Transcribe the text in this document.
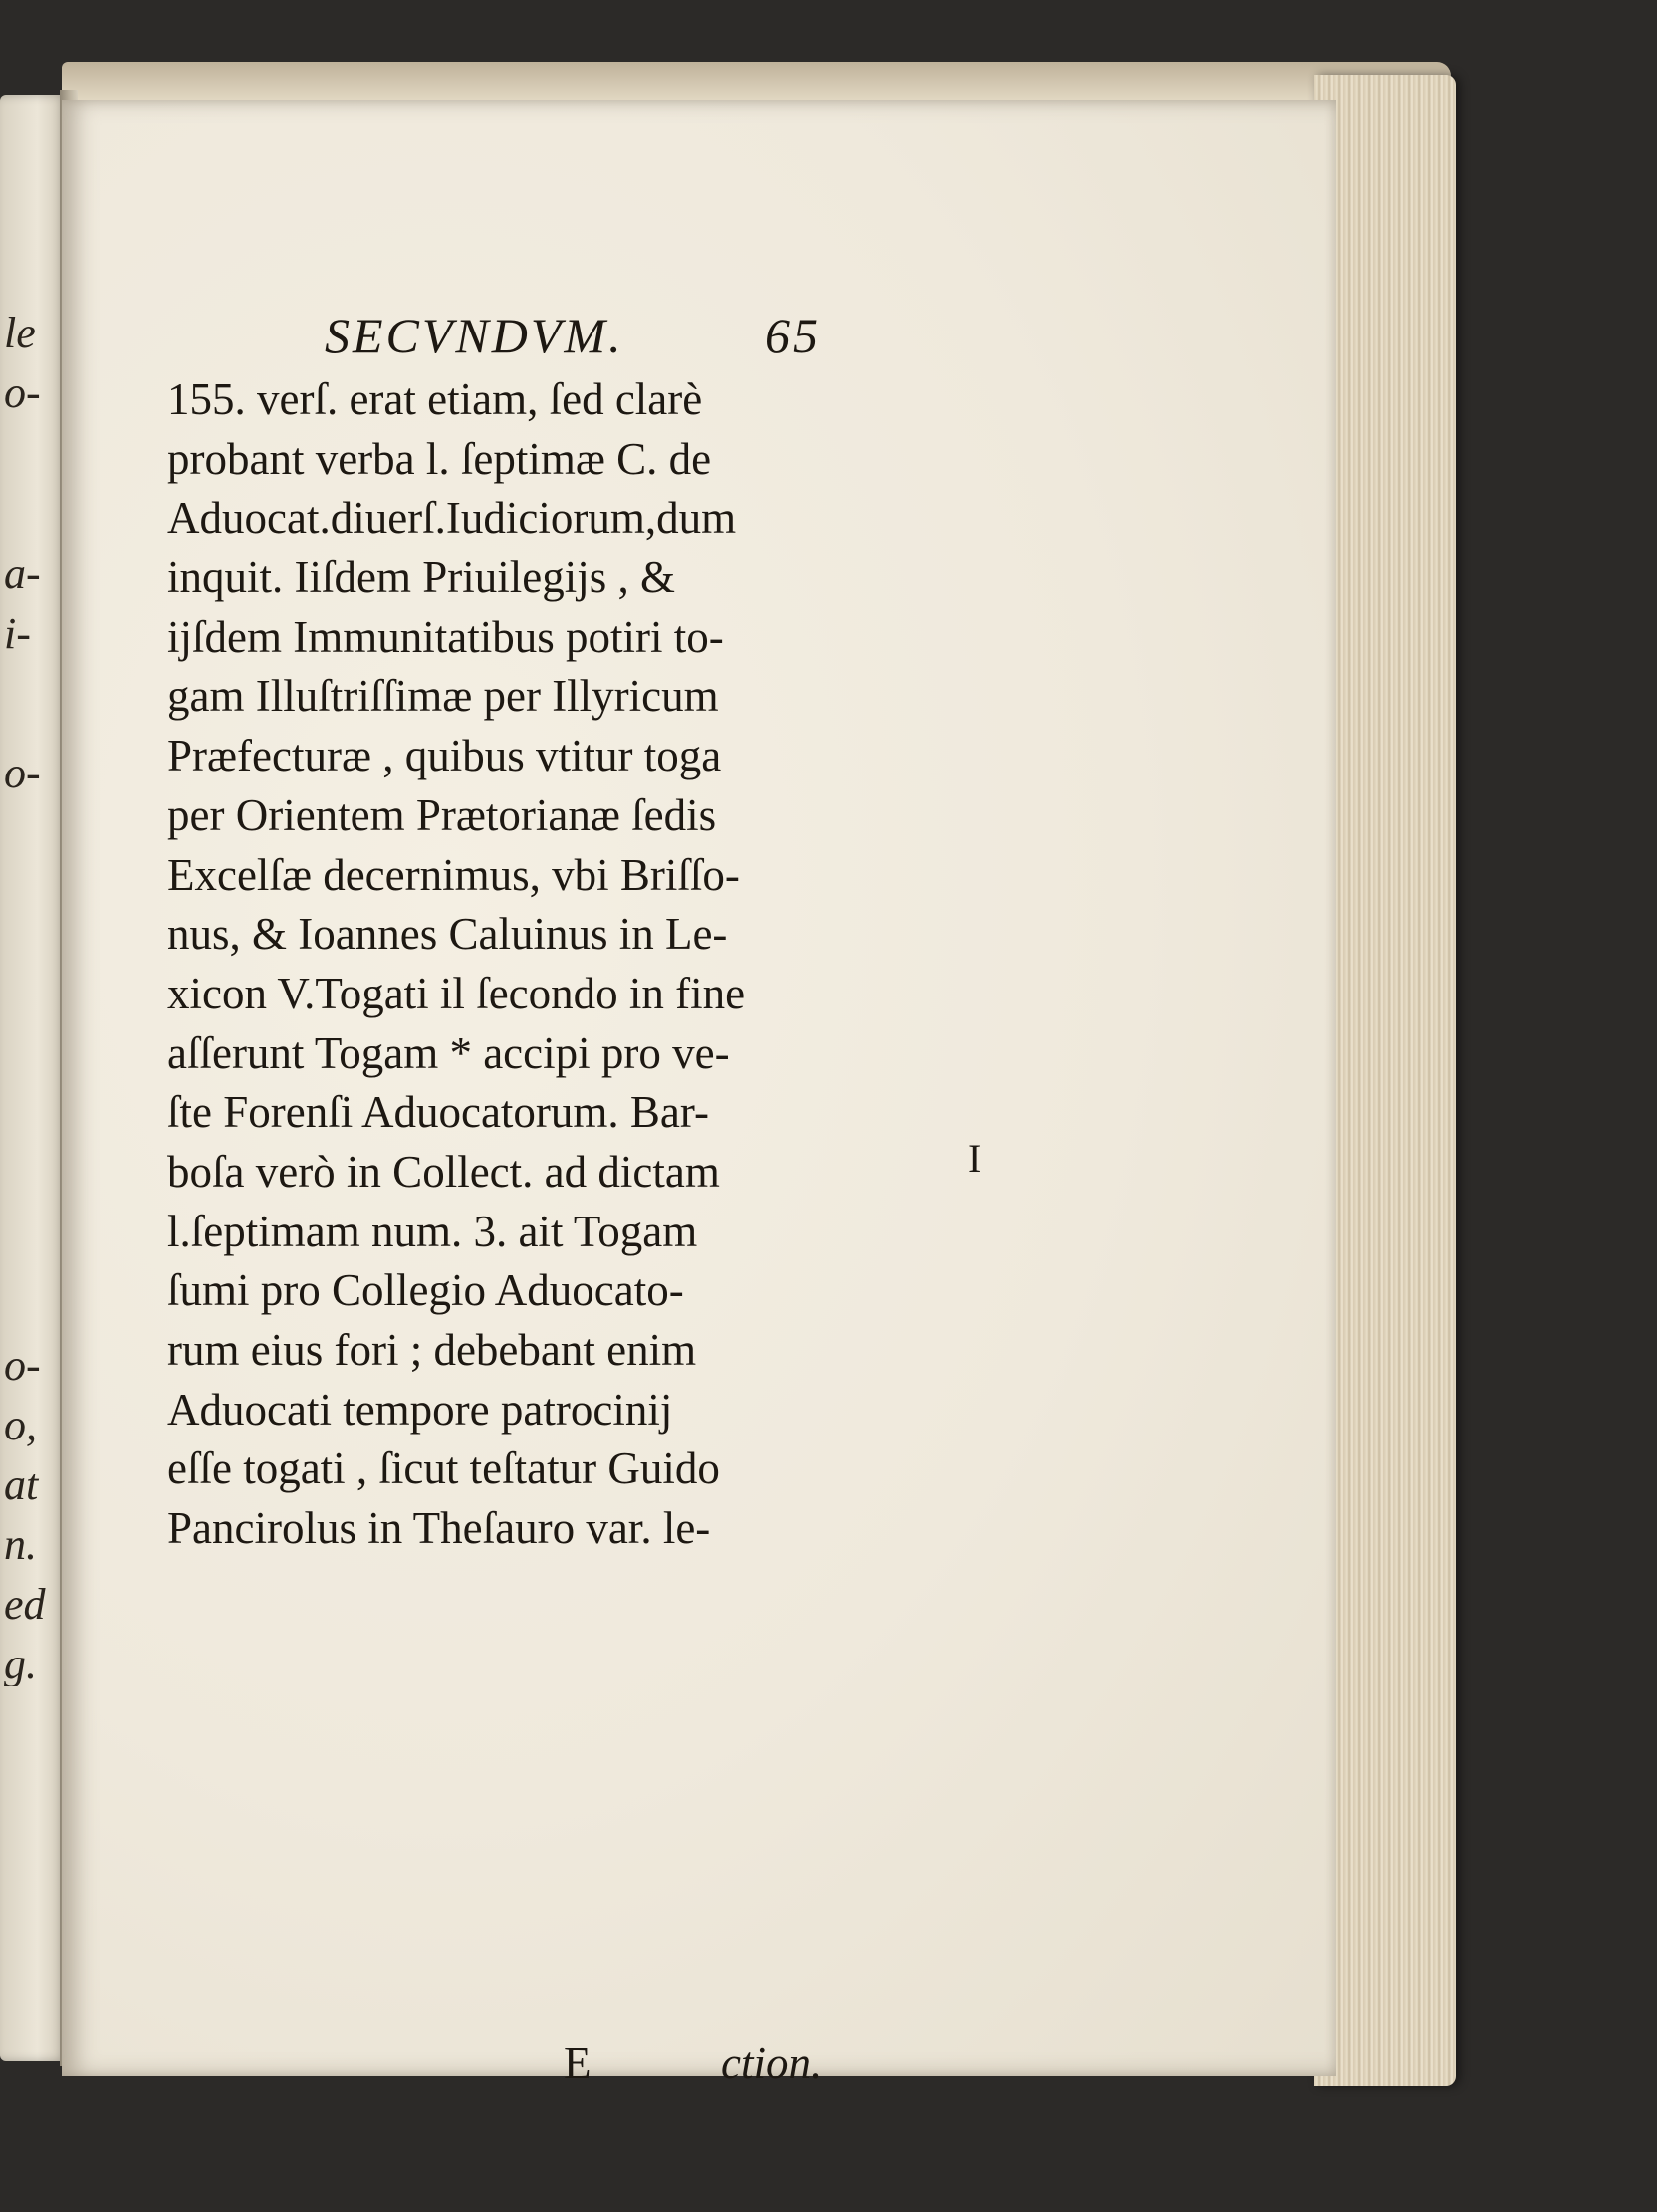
le
o-
a-
i-
o-
o-
o,
at
n.
ed
g.
SECVNDVM.	65
155. verſ. erat etiam, ſed clarè
probant verba l. ſeptimæ C. de
Aduocat.diuerſ.Iudiciorum,dum
inquit. Iiſdem Priuilegijs , &
ijſdem Immunitatibus potiri to-
gam Illuſtriſſimæ per Illyricum
Præfecturæ , quibus vtitur toga
per Orientem Prætorianæ ſedis
Excelſæ decernimus, vbi Briſſo-
nus, & Ioannes Caluinus in Le-
xicon V.Togati il ſecondo in fine
aſſerunt Togam * accipi pro ve-
ſte Forenſi Aduocatorum. Bar-
boſa verò in Collect. ad dictam
l.ſeptimam num. 3. ait Togam
ſumi pro Collegio Aduocato-
rum eius fori ; debebant enim
Aduocati tempore patrocinij
eſſe togati , ſicut teſtatur Guido
Pancirolus in Theſauro var. le-
E	ction.
I
